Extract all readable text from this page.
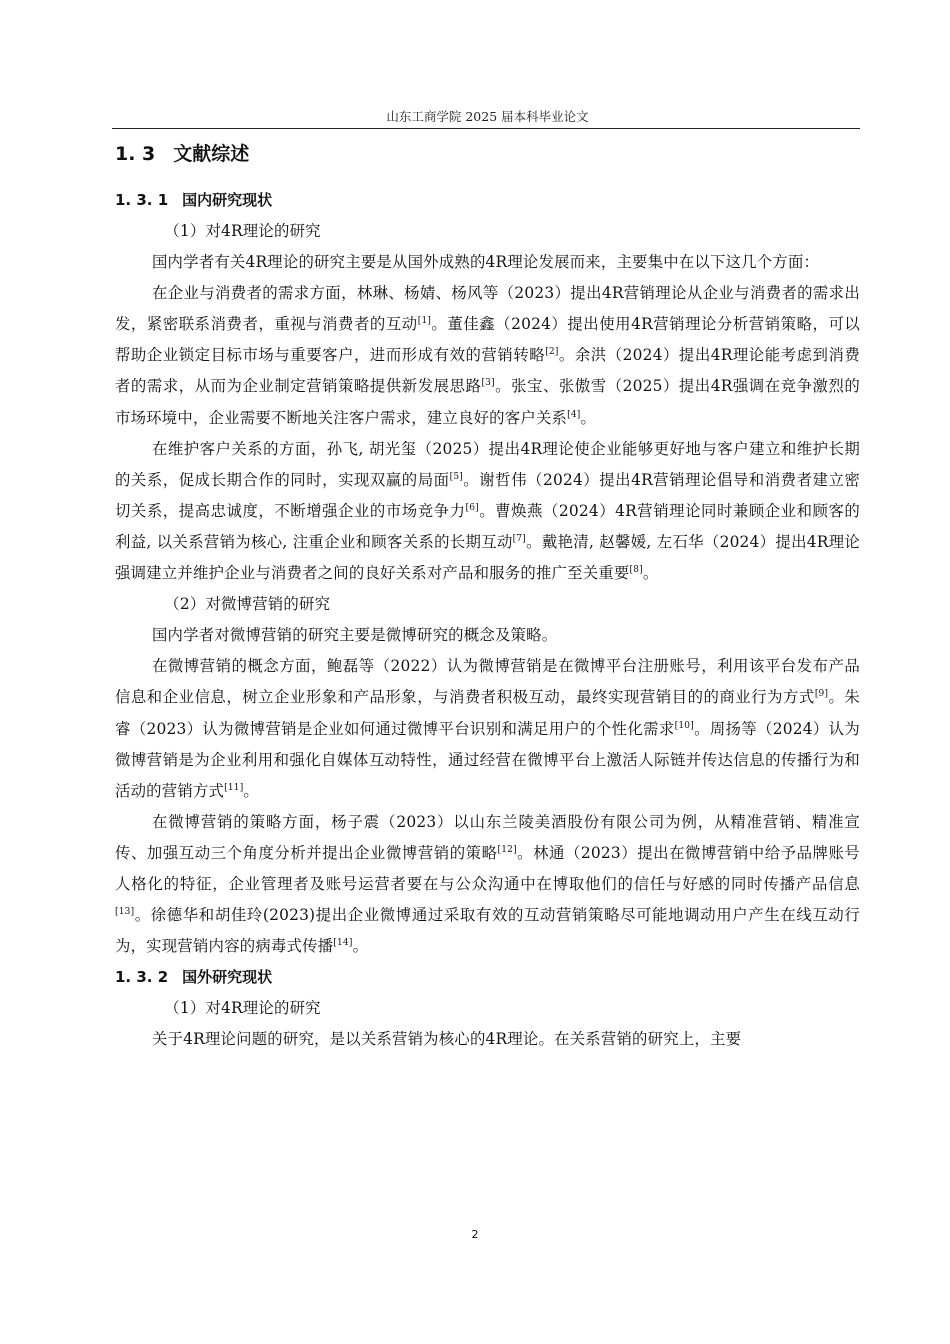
山东工商学院 2025 届本科毕业论文
1. 3 文献综述
1. 3. 1 国内研究现状

（1）对4R理论的研究

国内学者有关4R理论的研究主要是从国外成熟的4R理论发展而来，主要集中在以下这几个方面：

在企业与消费者的需求方面，林琳、杨婧、杨风等（2023）提出4R营销理论从企业与消费者的需求出发，紧密联系消费者，重视与消费者的互动[1]。董佳鑫（2024）提出使用4R营销理论分析营销策略，可以帮助企业锁定目标市场与重要客户，进而形成有效的营销转略[2]。余洪（2024）提出4R理论能考虑到消费者的需求，从而为企业制定营销策略提供新发展思路[3]。张宝、张傲雪（2025）提出4R强调在竞争激烈的市场环境中，企业需要不断地关注客户需求，建立良好的客户关系[4]。

在维护客户关系的方面，孙飞, 胡光玺（2025）提出4R理论使企业能够更好地与客户建立和维护长期的关系，促成长期合作的同时，实现双赢的局面[5]。谢哲伟（2024）提出4R营销理论倡导和消费者建立密切关系，提高忠诚度，不断增强企业的市场竞争力[6]。曹焕燕（2024）4R营销理论同时兼顾企业和顾客的利益, 以关系营销为核心, 注重企业和顾客关系的长期互动[7]。戴艳清, 赵馨媛, 左石华（2024）提出4R理论强调建立并维护企业与消费者之间的良好关系对产品和服务的推广至关重要[8]。

（2）对微博营销的研究

国内学者对微博营销的研究主要是微博研究的概念及策略。

在微博营销的概念方面，鲍磊等（2022）认为微博营销是在微博平台注册账号，利用该平台发布产品信息和企业信息，树立企业形象和产品形象，与消费者积极互动，最终实现营销目的的商业行为方式[9]。朱睿（2023）认为微博营销是企业如何通过微博平台识别和满足用户的个性化需求[10]。周扬等（2024）认为微博营销是为企业利用和强化自媒体互动特性，通过经营在微博平台上激活人际链并传达信息的传播行为和活动的营销方式[11]。

在微博营销的策略方面，杨子震（2023）以山东兰陵美酒股份有限公司为例，从精准营销、精准宣传、加强互动三个角度分析并提出企业微博营销的策略[12]。林通（2023）提出在微博营销中给予品牌账号人格化的特征，企业管理者及账号运营者要在与公众沟通中在博取他们的信任与好感的同时传播产品信息[13]。徐德华和胡佳玲(2023)提出企业微博通过采取有效的互动营销策略尽可能地调动用户产生在线互动行为，实现营销内容的病毒式传播[14]。

1. 3. 2 国外研究现状

（1）对4R理论的研究

关于4R理论问题的研究，是以关系营销为核心的4R理论。在关系营销的研究上，主要

2
